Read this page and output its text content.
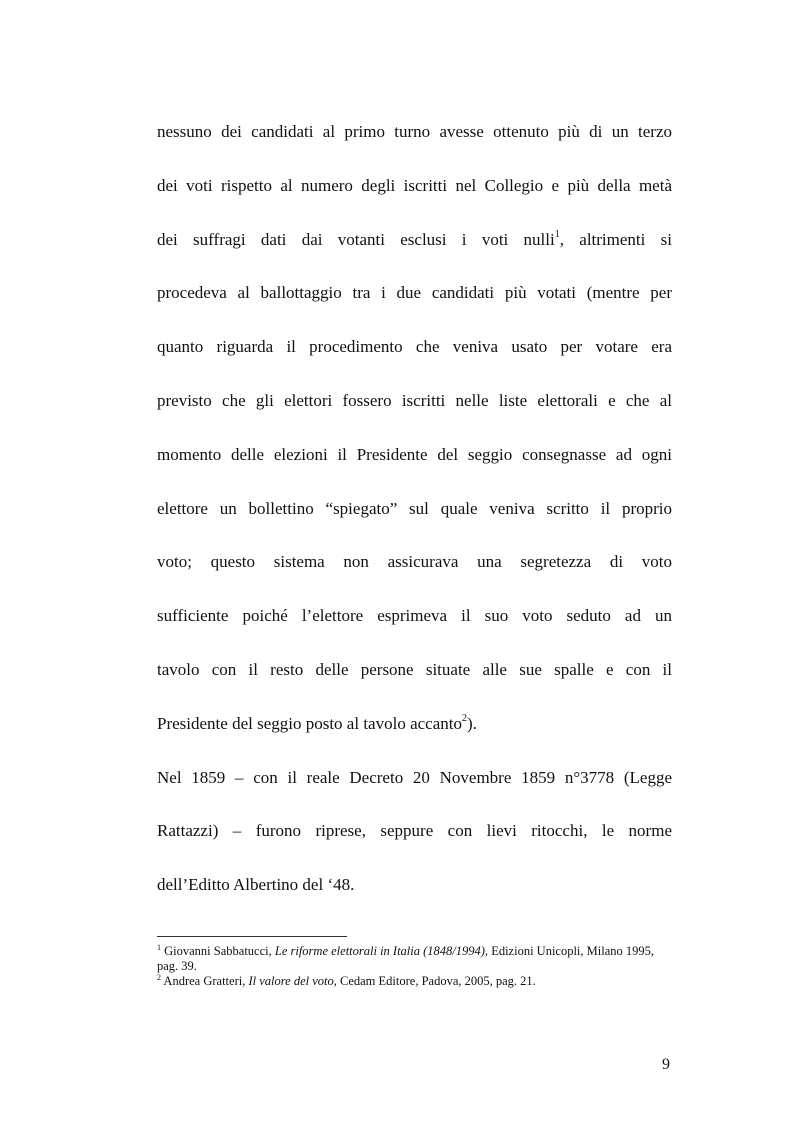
nessuno dei candidati al primo turno avesse ottenuto più di un terzo
dei voti rispetto al numero degli iscritti nel Collegio e più della metà
dei suffragi dati dai votanti esclusi i voti nulli$^1$, altrimenti si
procedeva al ballottaggio tra i due candidati più votati (mentre per
quanto riguarda il procedimento che veniva usato per votare era
previsto che gli elettori fossero iscritti nelle liste elettorali e che al
momento delle elezioni il Presidente del seggio consegnasse ad ogni
elettore un bollettino “spiegato” sul quale veniva scritto il proprio
voto; questo sistema non assicurava una segretezza di voto
sufficiente poiché l’elettore esprimeva il suo voto seduto ad un
tavolo con il resto delle persone situate alle sue spalle e con il
Presidente del seggio posto al tavolo accanto$^2$).
Nel 1859 – con il reale Decreto 20 Novembre 1859 n°3778 (Legge
Rattazzi) – furono riprese, seppure con lievi ritocchi, le norme
dell’Editto Albertino del ‘48.

$^1$ Giovanni Sabbatucci, Le riforme elettorali in Italia (1848/1994), Edizioni Unicopli, Milano 1995, pag. 39.

$^2$ Andrea Gratteri, Il valore del voto, Cedam Editore, Padova, 2005, pag. 21.

9
